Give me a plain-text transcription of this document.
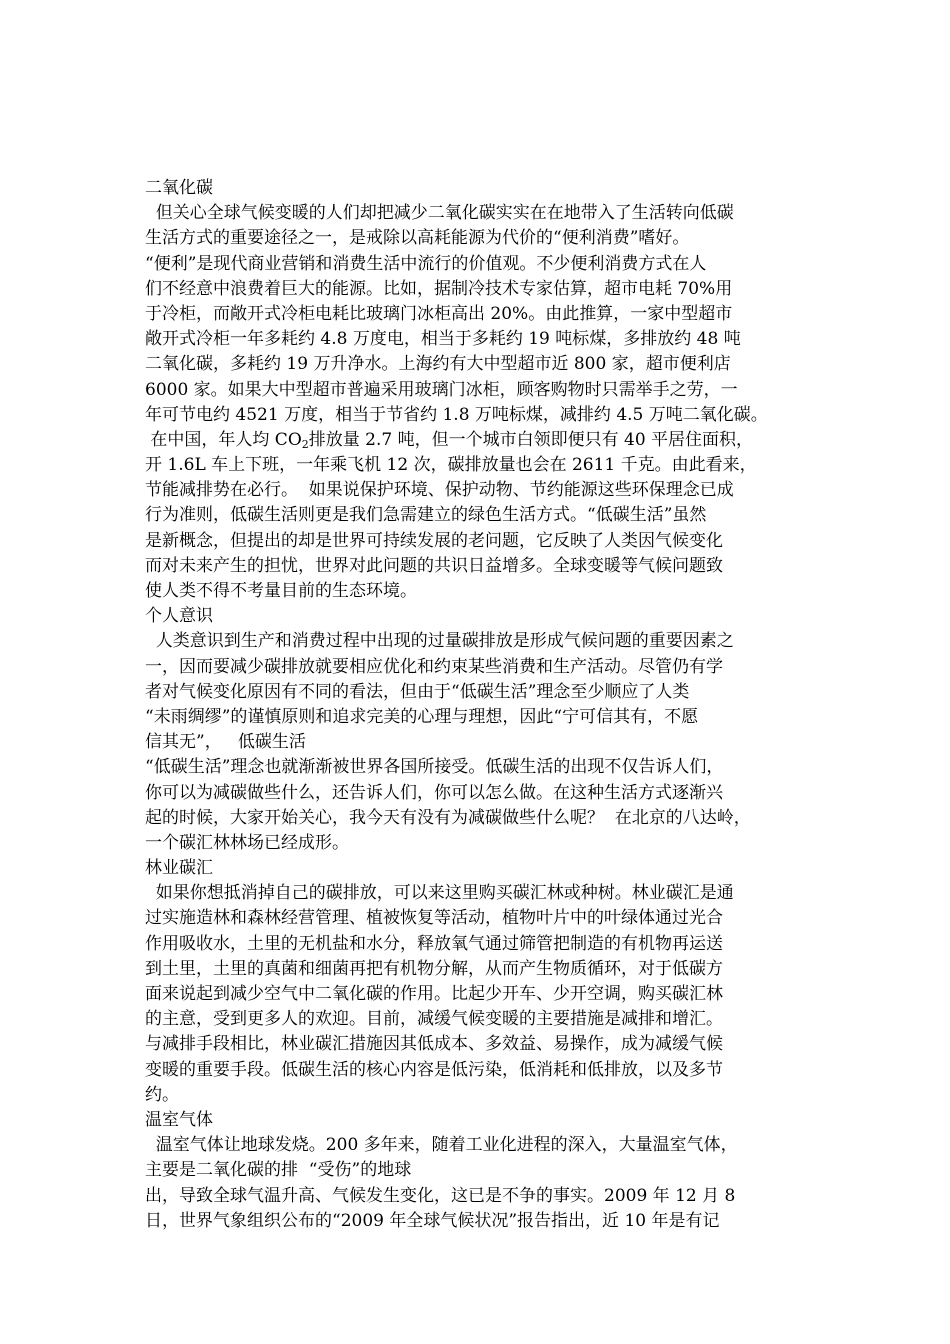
二氧化碳
但关心全球气候变暖的人们却把减少二氧化碳实实在在地带入了生活转向低碳
生活方式的重要途径之一，是戒除以高耗能源为代价的“便利消费”嗜好。
“便利”是现代商业营销和消费生活中流行的价值观。不少便利消费方式在人
们不经意中浪费着巨大的能源。比如，据制冷技术专家估算，超市电耗 70%用
于冷柜，而敞开式冷柜电耗比玻璃门冰柜高出 20%。由此推算，一家中型超市
敞开式冷柜一年多耗约 4.8 万度电，相当于多耗约 19 吨标煤，多排放约 48 吨
二氧化碳，多耗约 19 万升净水。上海约有大中型超市近 800 家，超市便利店
6000 家。如果大中型超市普遍采用玻璃门冰柜，顾客购物时只需举手之劳，一
年可节电约 4521 万度，相当于节省约 1.8 万吨标煤，减排约 4.5 万吨二氧化碳。
在中国，年人均 $CO_2$排放量 2.7 吨，但一个城市白领即便只有 40 平居住面积，
开 1.6L 车上下班，一年乘飞机 12 次，碳排放量也会在 2611 千克。由此看来，
节能减排势在必行。  如果说保护环境、保护动物、节约能源这些环保理念已成
行为准则，低碳生活则更是我们急需建立的绿色生活方式。“低碳生活”虽然
是新概念，但提出的却是世界可持续发展的老问题，它反映了人类因气候变化
而对未来产生的担忧，世界对此问题的共识日益增多。全球变暖等气候问题致
使人类不得不考量目前的生态环境。
个人意识
人类意识到生产和消费过程中出现的过量碳排放是形成气候问题的重要因素之
一，因而要减少碳排放就要相应优化和约束某些消费和生产活动。尽管仍有学
者对气候变化原因有不同的看法，但由于“低碳生活”理念至少顺应了人类
“未雨绸缪”的谨慎原则和追求完美的心理与理想，因此“宁可信其有，不愿
信其无”，   低碳生活
“低碳生活”理念也就渐渐被世界各国所接受。低碳生活的出现不仅告诉人们，
你可以为减碳做些什么，还告诉人们，你可以怎么做。在这种生活方式逐渐兴
起的时候，大家开始关心，我今天有没有为减碳做些什么呢？  在北京的八达岭，
一个碳汇林林场已经成形。
林业碳汇
如果你想抵消掉自己的碳排放，可以来这里购买碳汇林或种树。林业碳汇是通
过实施造林和森林经营管理、植被恢复等活动，植物叶片中的叶绿体通过光合
作用吸收水，土里的无机盐和水分，释放氧气通过筛管把制造的有机物再运送
到土里，土里的真菌和细菌再把有机物分解，从而产生物质循环，对于低碳方
面来说起到减少空气中二氧化碳的作用。比起少开车、少开空调，购买碳汇林
的主意，受到更多人的欢迎。目前，减缓气候变暖的主要措施是减排和增汇。
与减排手段相比，林业碳汇措施因其低成本、多效益、易操作，成为减缓气候
变暖的重要手段。低碳生活的核心内容是低污染，低消耗和低排放，以及多节
约。
温室气体
温室气体让地球发烧。200 多年来，随着工业化进程的深入，大量温室气体，
主要是二氧化碳的排  “受伤”的地球
出，导致全球气温升高、气候发生变化，这已是不争的事实。2009 年 12 月 8
日，世界气象组织公布的“2009 年全球气候状况”报告指出，近 10 年是有记
